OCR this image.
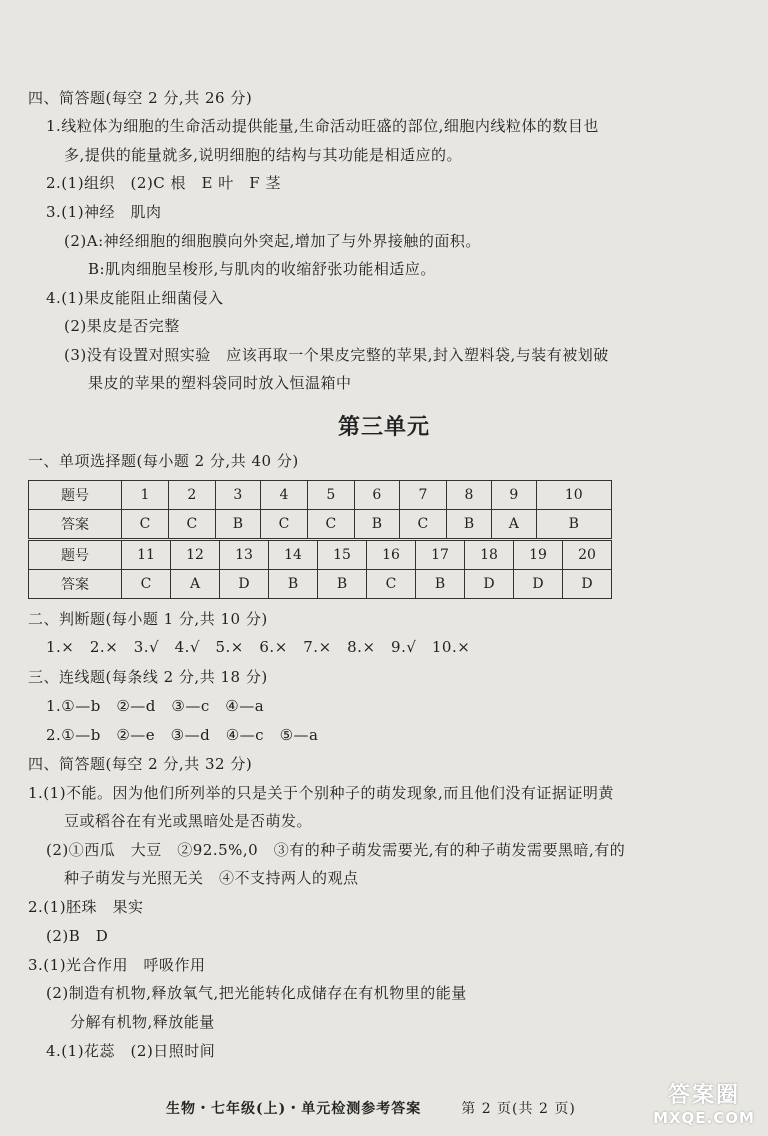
四、简答题(每空 2 分,共 26 分)
1.线粒体为细胞的生命活动提供能量,生命活动旺盛的部位,细胞内线粒体的数目也
多,提供的能量就多,说明细胞的结构与其功能是相适应的。
2.(1)组织　(2)C 根　E 叶　F 茎
3.(1)神经　肌肉
(2)A:神经细胞的细胞膜向外突起,增加了与外界接触的面积。
B:肌肉细胞呈梭形,与肌肉的收缩舒张功能相适应。
4.(1)果皮能阻止细菌侵入
(2)果皮是否完整
(3)没有设置对照实验　应该再取一个果皮完整的苹果,封入塑料袋,与装有被划破
果皮的苹果的塑料袋同时放入恒温箱中
第三单元
一、单项选择题(每小题 2 分,共 40 分)
题号	1	2	3	4	5	6	7	8	9	10
答案	C	C	B	C	C	B	C	B	A	B
题号	11	12	13	14	15	16	17	18	19	20
答案	C	A	D	B	B	C	B	D	D	D
二、判断题(每小题 1 分,共 10 分)
1.×　2.×　3.√　4.√　5.×　6.×　7.×　8.×　9.√　10.×
三、连线题(每条线 2 分,共 18 分)
1.①—b　②—d　③—c　④—a
2.①—b　②—e　③—d　④—c　⑤—a
四、简答题(每空 2 分,共 32 分)
1.(1)不能。因为他们所列举的只是关于个别种子的萌发现象,而且他们没有证据证明黄
豆或稻谷在有光或黑暗处是否萌发。
(2)①西瓜　大豆　②92.5%,0　③有的种子萌发需要光,有的种子萌发需要黑暗,有的
种子萌发与光照无关　④不支持两人的观点
2.(1)胚珠　果实
(2)B　D
3.(1)光合作用　呼吸作用
(2)制造有机物,释放氧气,把光能转化成储存在有机物里的能量
分解有机物,释放能量
4.(1)花蕊　(2)日照时间
生物・七年级(上)・单元检测参考答案	第 2 页(共 2 页)
答案圈
MXQE.COM
